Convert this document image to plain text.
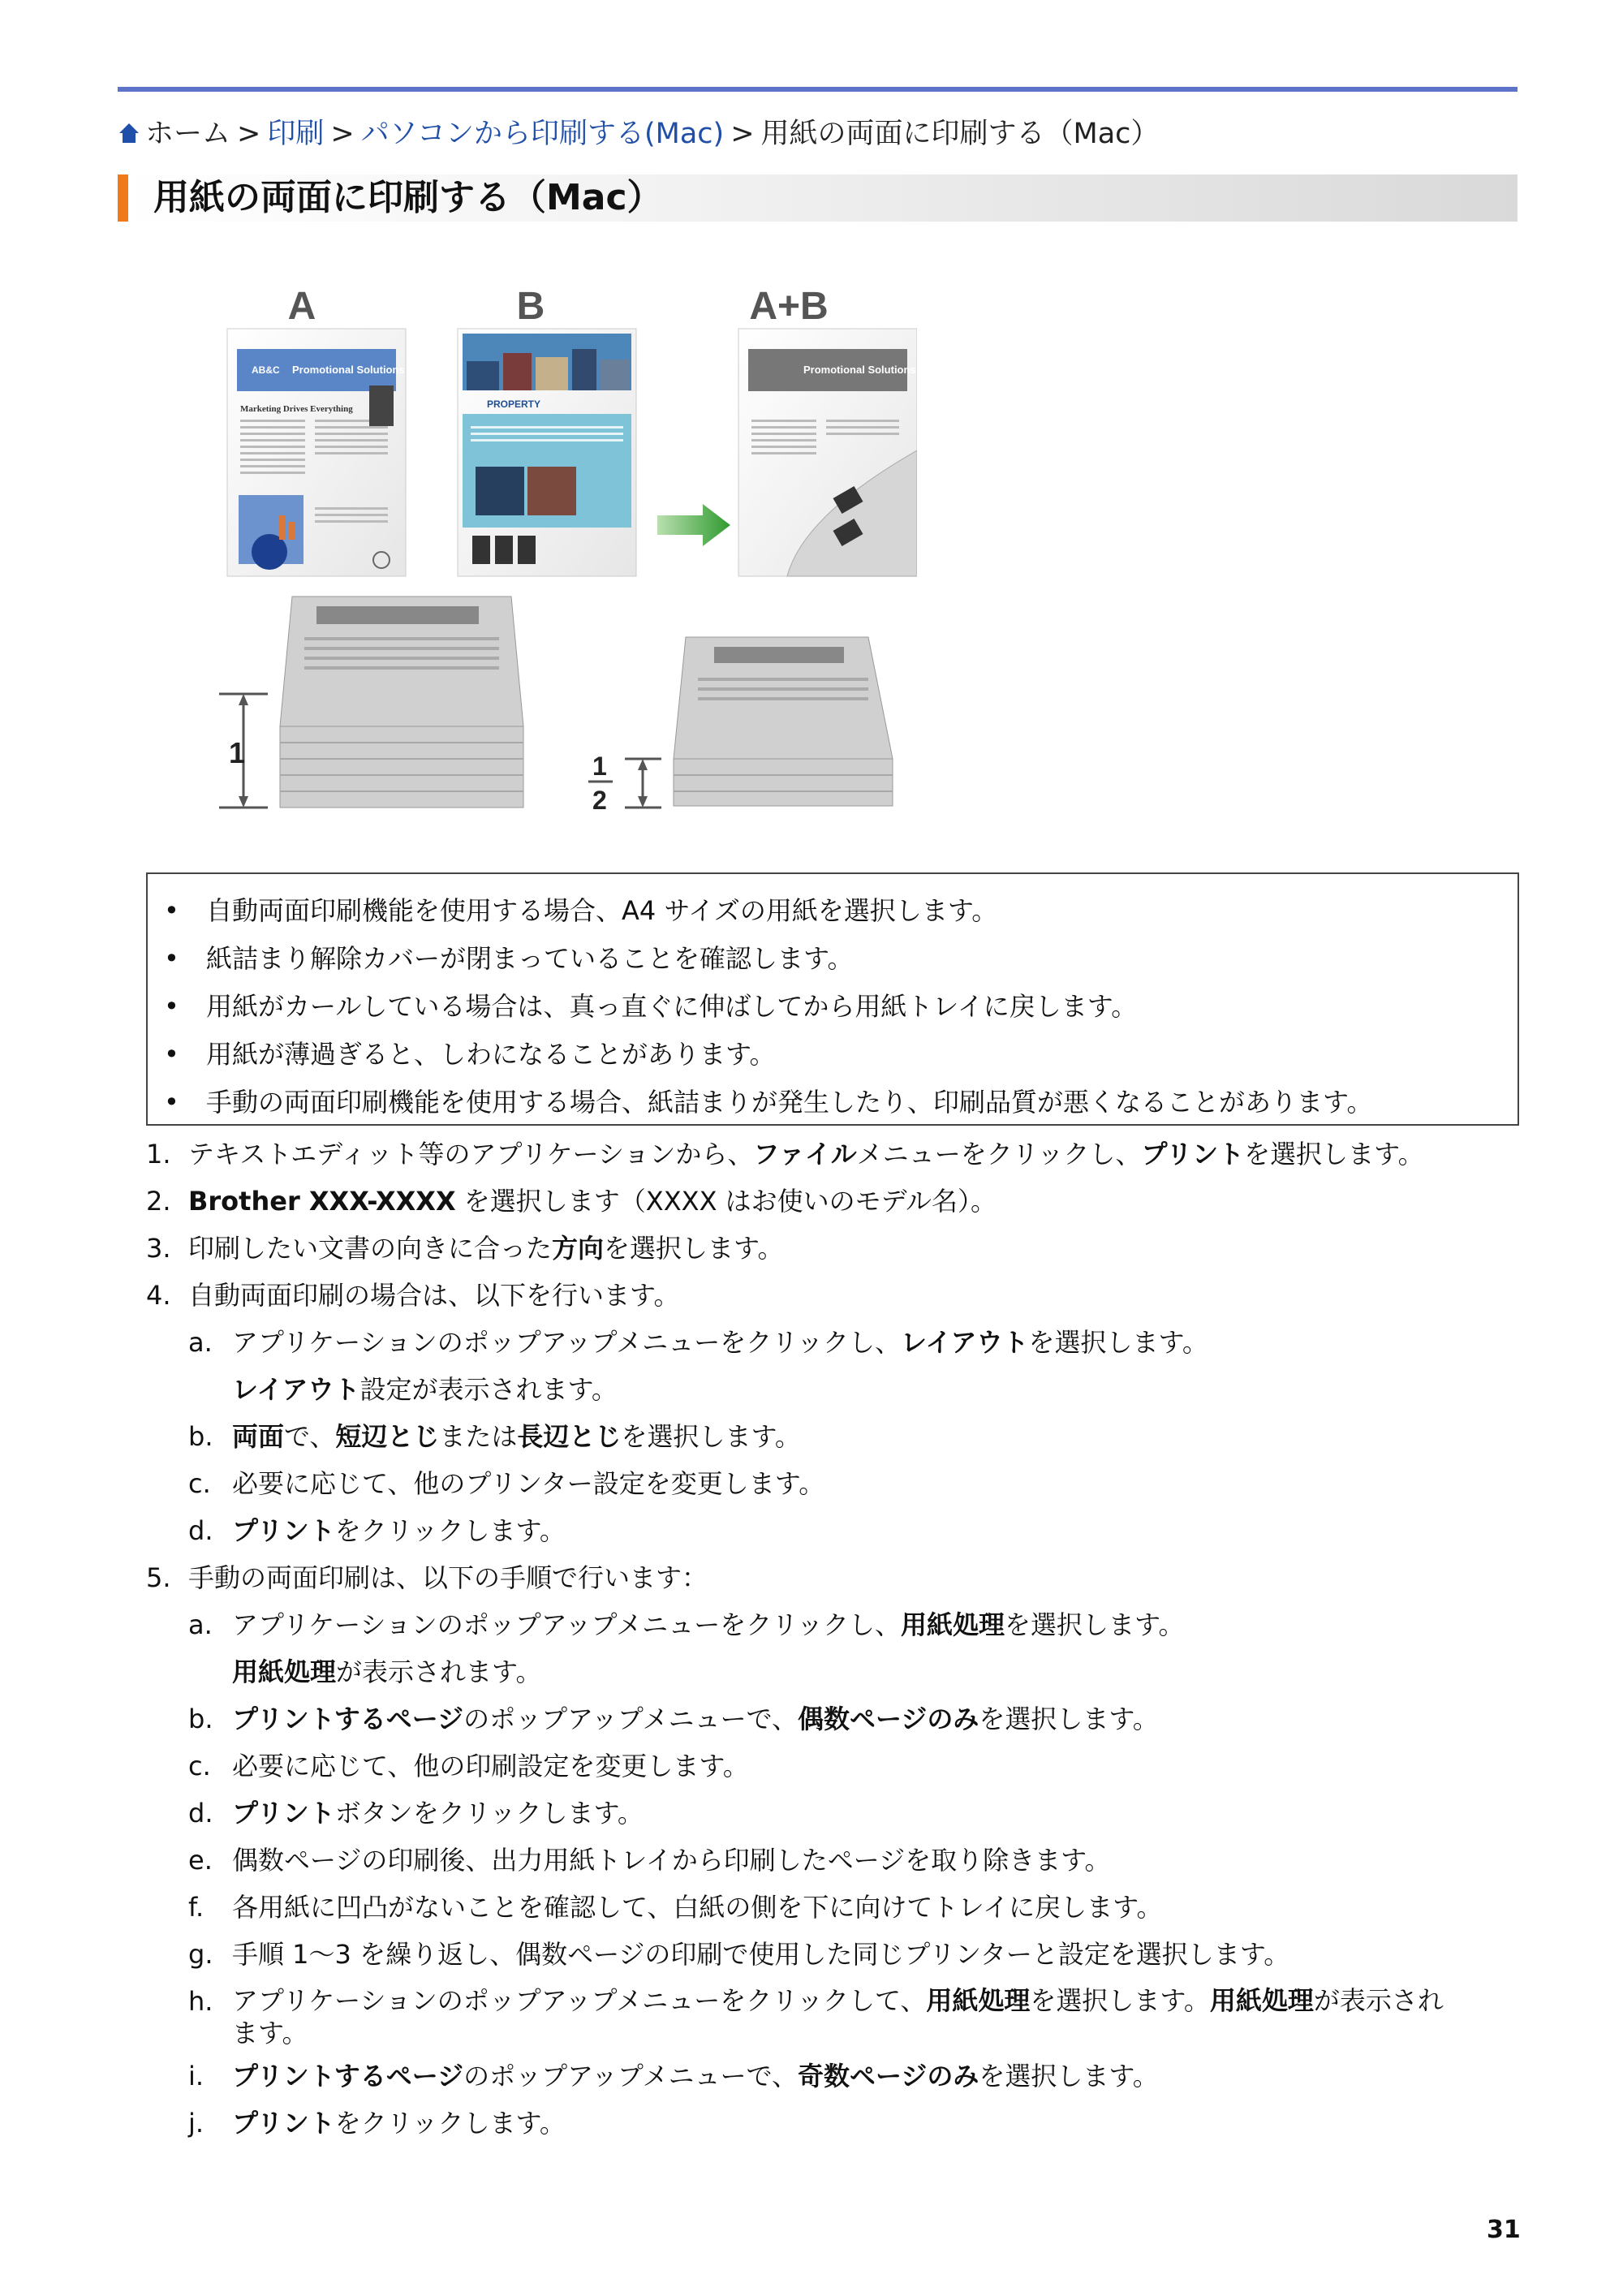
ホーム > 印刷 > パソコンから印刷する(Mac) > 用紙の両面に印刷する（Mac）
用紙の両面に印刷する（Mac）
A	B	A+B
AB&C Promotional Solutions
Marketing Drives Everything	PROPERTY
Promotional Solutions
1	1
2
• 自動両面印刷機能を使用する場合、A4 サイズの用紙を選択します。
• 紙詰まり解除カバーが閉まっていることを確認します。
• 用紙がカールしている場合は、真っ直ぐに伸ばしてから用紙トレイに戻します。
• 用紙が薄過ぎると、しわになることがあります。
• 手動の両面印刷機能を使用する場合、紙詰まりが発生したり、印刷品質が悪くなることがあります。
1. テキストエディット等のアプリケーションから、ファイルメニューをクリックし、プリントを選択します。
2. Brother XXX-XXXX を選択します（XXXX はお使いのモデル名）。
3. 印刷したい文書の向きに合った方向を選択します。
4. 自動両面印刷の場合は、以下を行います。
a. アプリケーションのポップアップメニューをクリックし、レイアウトを選択します。
レイアウト設定が表示されます。
b. 両面で、短辺とじまたは長辺とじを選択します。
c. 必要に応じて、他のプリンター設定を変更します。
d. プリントをクリックします。
5. 手動の両面印刷は、以下の手順で行います：
a. アプリケーションのポップアップメニューをクリックし、用紙処理を選択します。
用紙処理が表示されます。
b. プリントするページのポップアップメニューで、偶数ページのみを選択します。
c. 必要に応じて、他の印刷設定を変更します。
d. プリントボタンをクリックします。
e. 偶数ページの印刷後、出力用紙トレイから印刷したページを取り除きます。
f. 各用紙に凹凸がないことを確認して、白紙の側を下に向けてトレイに戻します。
g. 手順 1～3 を繰り返し、偶数ページの印刷で使用した同じプリンターと設定を選択します。
h. アプリケーションのポップアップメニューをクリックして、用紙処理を選択します。用紙処理が表示され
ます。
i. プリントするページのポップアップメニューで、奇数ページのみを選択します。
j. プリントをクリックします。
31
